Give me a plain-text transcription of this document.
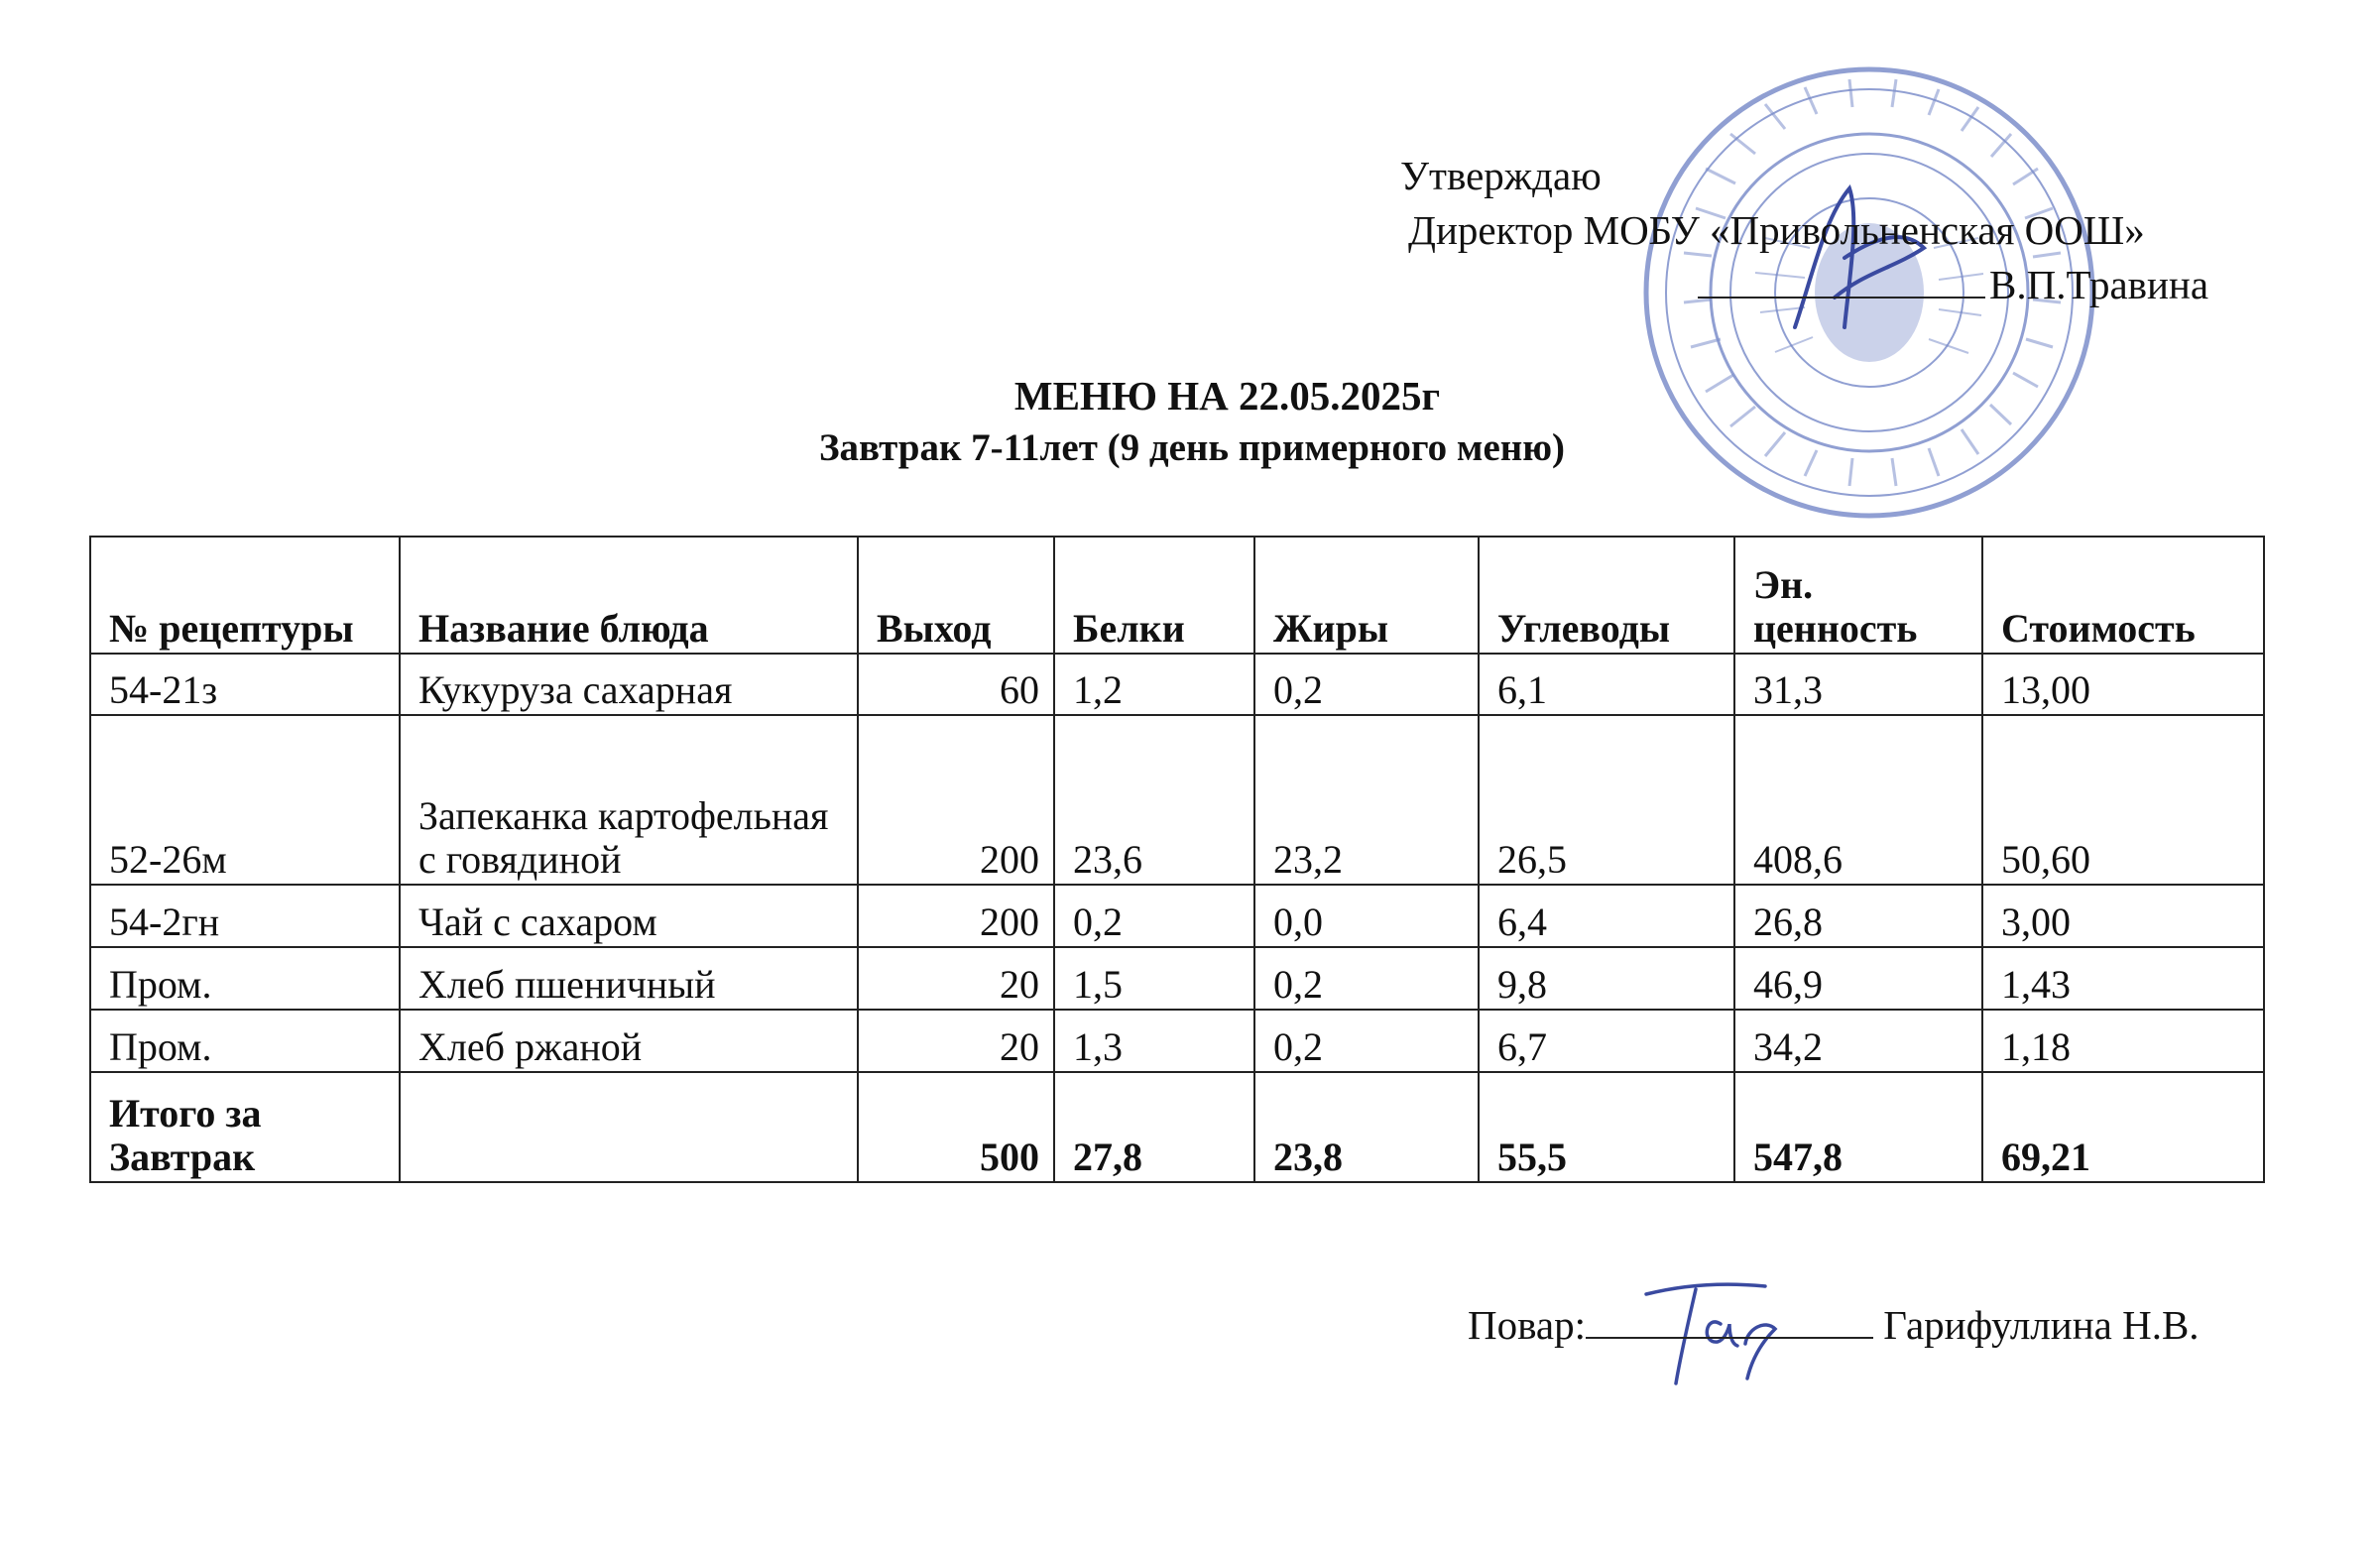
Утверждаю
Директор МОБУ «Привольненская ООШ»
В.П.Травина
МЕНЮ НА 22.05.2025г
Завтрак 7-11лет (9 день примерного меню)
№ рецептуры	Название блюда	Выход	Белки	Жиры	Углеводы	Эн. ценность	Стоимость
54-21з	Кукуруза сахарная	60	1,2	0,2	6,1	31,3	13,00
52-26м	Запеканка картофельная с говядиной	200	23,6	23,2	26,5	408,6	50,60
54-2гн	Чай с сахаром	200	0,2	0,0	6,4	26,8	3,00
Пром.	Хлеб пшеничный	20	1,5	0,2	9,8	46,9	1,43
Пром.	Хлеб ржаной	20	1,3	0,2	6,7	34,2	1,18
Итого за Завтрак		500	27,8	23,8	55,5	547,8	69,21
Повар:	Гарифуллина Н.В.
